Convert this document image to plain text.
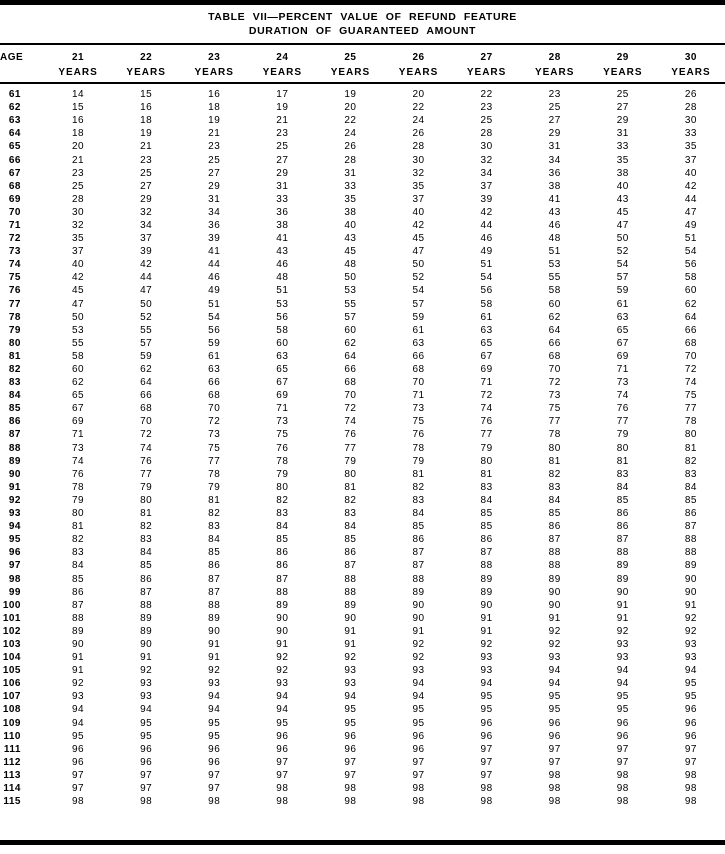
TABLE VII—PERCENT VALUE OF REFUND FEATURE
DURATION OF GUARANTEED AMOUNT
AGE	21	22	23	24	25	26	27	28	29	30
	YEARS	YEARS	YEARS	YEARS	YEARS	YEARS	YEARS	YEARS	YEARS	YEARS
61	14	15	16	17	19	20	22	23	25	26
62	15	16	18	19	20	22	23	25	27	28
63	16	18	19	21	22	24	25	27	29	30
64	18	19	21	23	24	26	28	29	31	33
65	20	21	23	25	26	28	30	31	33	35
66	21	23	25	27	28	30	32	34	35	37
67	23	25	27	29	31	32	34	36	38	40
68	25	27	29	31	33	35	37	38	40	42
69	28	29	31	33	35	37	39	41	43	44
70	30	32	34	36	38	40	42	43	45	47
71	32	34	36	38	40	42	44	46	47	49
72	35	37	39	41	43	45	46	48	50	51
73	37	39	41	43	45	47	49	51	52	54
74	40	42	44	46	48	50	51	53	54	56
75	42	44	46	48	50	52	54	55	57	58
76	45	47	49	51	53	54	56	58	59	60
77	47	50	51	53	55	57	58	60	61	62
78	50	52	54	56	57	59	61	62	63	64
79	53	55	56	58	60	61	63	64	65	66
80	55	57	59	60	62	63	65	66	67	68
81	58	59	61	63	64	66	67	68	69	70
82	60	62	63	65	66	68	69	70	71	72
83	62	64	66	67	68	70	71	72	73	74
84	65	66	68	69	70	71	72	73	74	75
85	67	68	70	71	72	73	74	75	76	77
86	69	70	72	73	74	75	76	77	77	78
87	71	72	73	75	76	76	77	78	79	80
88	73	74	75	76	77	78	79	80	80	81
89	74	76	77	78	79	79	80	81	81	82
90	76	77	78	79	80	81	81	82	83	83
91	78	79	79	80	81	82	83	83	84	84
92	79	80	81	82	82	83	84	84	85	85
93	80	81	82	83	83	84	85	85	86	86
94	81	82	83	84	84	85	85	86	86	87
95	82	83	84	85	85	86	86	87	87	88
96	83	84	85	86	86	87	87	88	88	88
97	84	85	86	86	87	87	88	88	89	89
98	85	86	87	87	88	88	89	89	89	90
99	86	87	87	88	88	89	89	90	90	90
100	87	88	88	89	89	90	90	90	91	91
101	88	89	89	90	90	90	91	91	91	92
102	89	89	90	90	91	91	91	92	92	92
103	90	90	91	91	91	92	92	92	93	93
104	91	91	91	92	92	92	93	93	93	93
105	91	92	92	92	93	93	93	94	94	94
106	92	93	93	93	93	94	94	94	94	95
107	93	93	94	94	94	94	95	95	95	95
108	94	94	94	94	95	95	95	95	95	96
109	94	95	95	95	95	95	96	96	96	96
110	95	95	95	96	96	96	96	96	96	96
111	96	96	96	96	96	96	97	97	97	97
112	96	96	96	97	97	97	97	97	97	97
113	97	97	97	97	97	97	97	98	98	98
114	97	97	97	98	98	98	98	98	98	98
115	98	98	98	98	98	98	98	98	98	98
